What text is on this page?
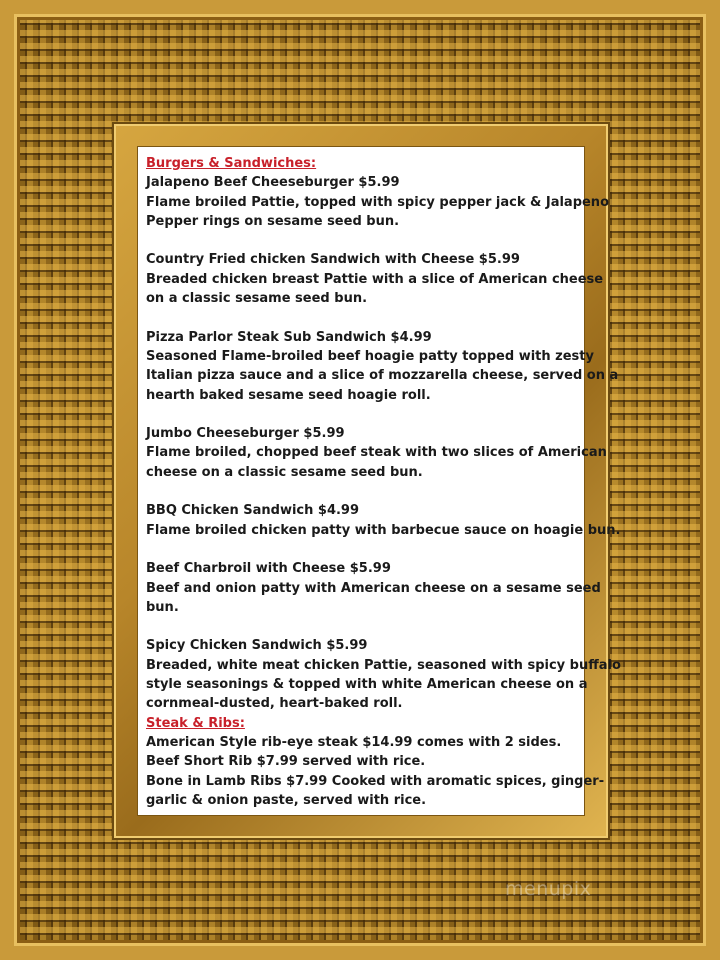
Burgers & Sandwiches:

Jalapeno Beef Cheeseburger $5.99

Flame broiled Pattie, topped with spicy pepper jack & Jalapeno

Pepper rings on sesame seed bun.

Country Fried chicken Sandwich with Cheese $5.99

Breaded chicken breast Pattie with a slice of American cheese

on a classic sesame seed bun.

Pizza Parlor Steak Sub Sandwich $4.99

Seasoned Flame-broiled beef hoagie patty topped with zesty

Italian pizza sauce and a slice of mozzarella cheese, served on a

hearth baked sesame seed hoagie roll.

Jumbo Cheeseburger $5.99

Flame broiled, chopped beef steak with two slices of American

cheese on a classic sesame seed bun.

BBQ Chicken Sandwich $4.99

Flame broiled chicken patty with barbecue sauce on hoagie bun.

Beef Charbroil with Cheese $5.99

Beef and onion patty with American cheese on a sesame seed

bun.

Spicy Chicken Sandwich $5.99

Breaded, white meat chicken Pattie, seasoned with spicy buffalo

style seasonings & topped with white American cheese on a

cornmeal-dusted, heart-baked roll.

Steak & Ribs:

American Style rib-eye steak $14.99 comes with 2 sides.

Beef Short Rib $7.99 served with rice.

Bone in Lamb Ribs $7.99 Cooked with aromatic spices, ginger-

garlic & onion paste, served with rice.

menupix
